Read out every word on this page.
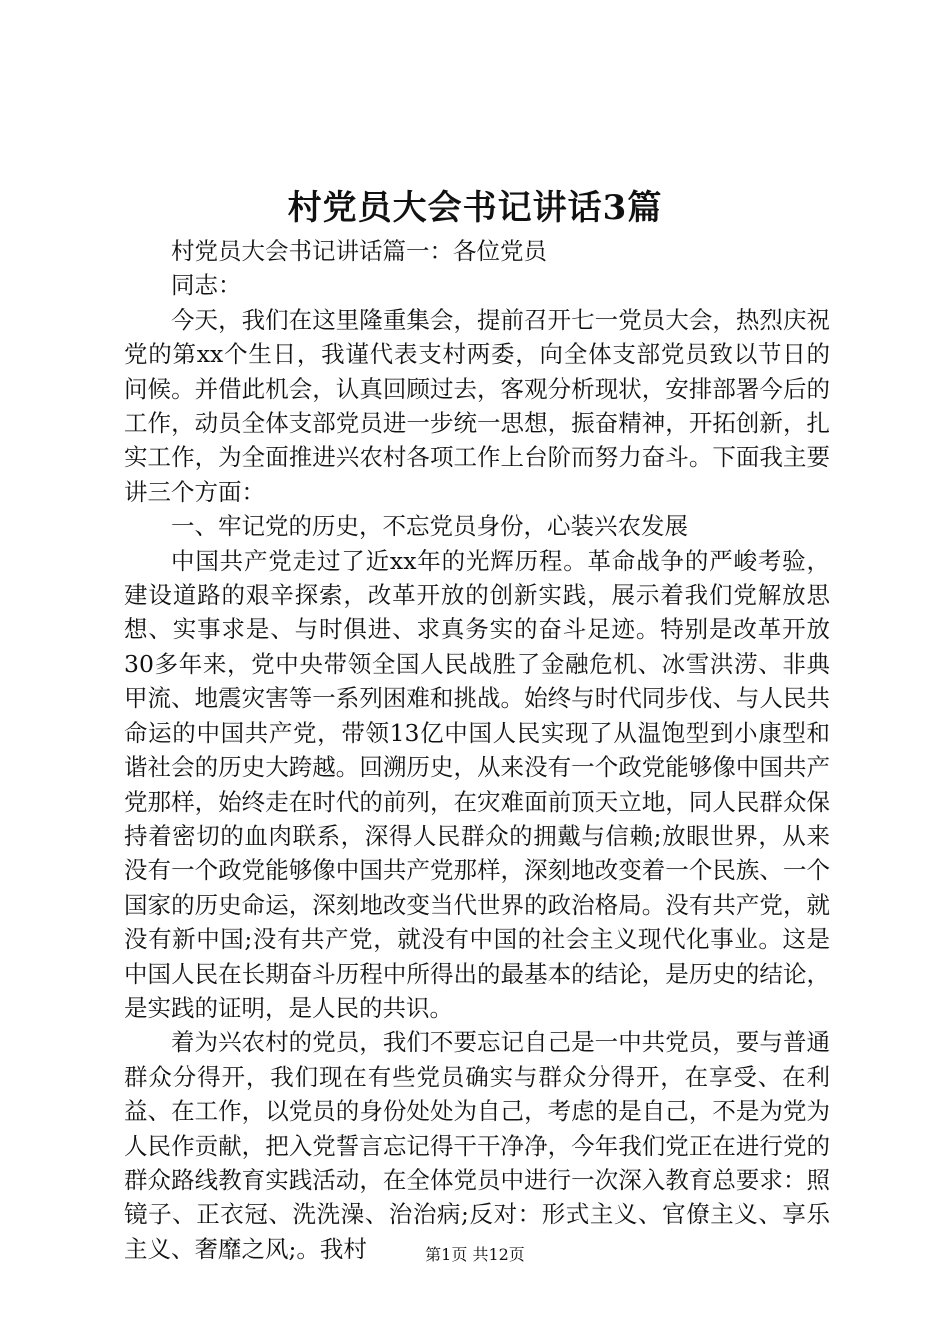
村党员大会书记讲话3篇

村党员大会书记讲话篇一：各位党员

同志：

今天，我们在这里隆重集会，提前召开七一党员大会，热烈庆祝党的第xx个生日，我谨代表支村两委，向全体支部党员致以节日的问候。并借此机会，认真回顾过去，客观分析现状，安排部署今后的工作，动员全体支部党员进一步统一思想，振奋精神，开拓创新，扎实工作，为全面推进兴农村各项工作上台阶而努力奋斗。下面我主要讲三个方面：

一、牢记党的历史，不忘党员身份，心装兴农发展

中国共产党走过了近xx年的光辉历程。革命战争的严峻考验，建设道路的艰辛探索，改革开放的创新实践，展示着我们党解放思想、实事求是、与时俱进、求真务实的奋斗足迹。特别是改革开放30多年来，党中央带领全国人民战胜了金融危机、冰雪洪涝、非典甲流、地震灾害等一系列困难和挑战。始终与时代同步伐、与人民共命运的中国共产党，带领13亿中国人民实现了从温饱型到小康型和谐社会的历史大跨越。回溯历史，从来没有一个政党能够像中国共产党那样，始终走在时代的前列，在灾难面前顶天立地，同人民群众保持着密切的血肉联系，深得人民群众的拥戴与信赖;放眼世界，从来没有一个政党能够像中国共产党那样，深刻地改变着一个民族、一个国家的历史命运，深刻地改变当代世界的政治格局。没有共产党，就没有新中国;没有共产党，就没有中国的社会主义现代化事业。这是中国人民在长期奋斗历程中所得出的最基本的结论，是历史的结论，是实践的证明，是人民的共识。

着为兴农村的党员，我们不要忘记自己是一中共党员，要与普通群众分得开，我们现在有些党员确实与群众分得开，在享受、在利益、在工作，以党员的身份处处为自己，考虑的是自己，不是为党为人民作贡献，把入党誓言忘记得干干净净，今年我们党正在进行党的群众路线教育实践活动，在全体党员中进行一次深入教育总要求：照镜子、正衣冠、洗洗澡、治治病;反对：形式主义、官僚主义、享乐主义、奢靡之风;。我村	第1页 共12页
